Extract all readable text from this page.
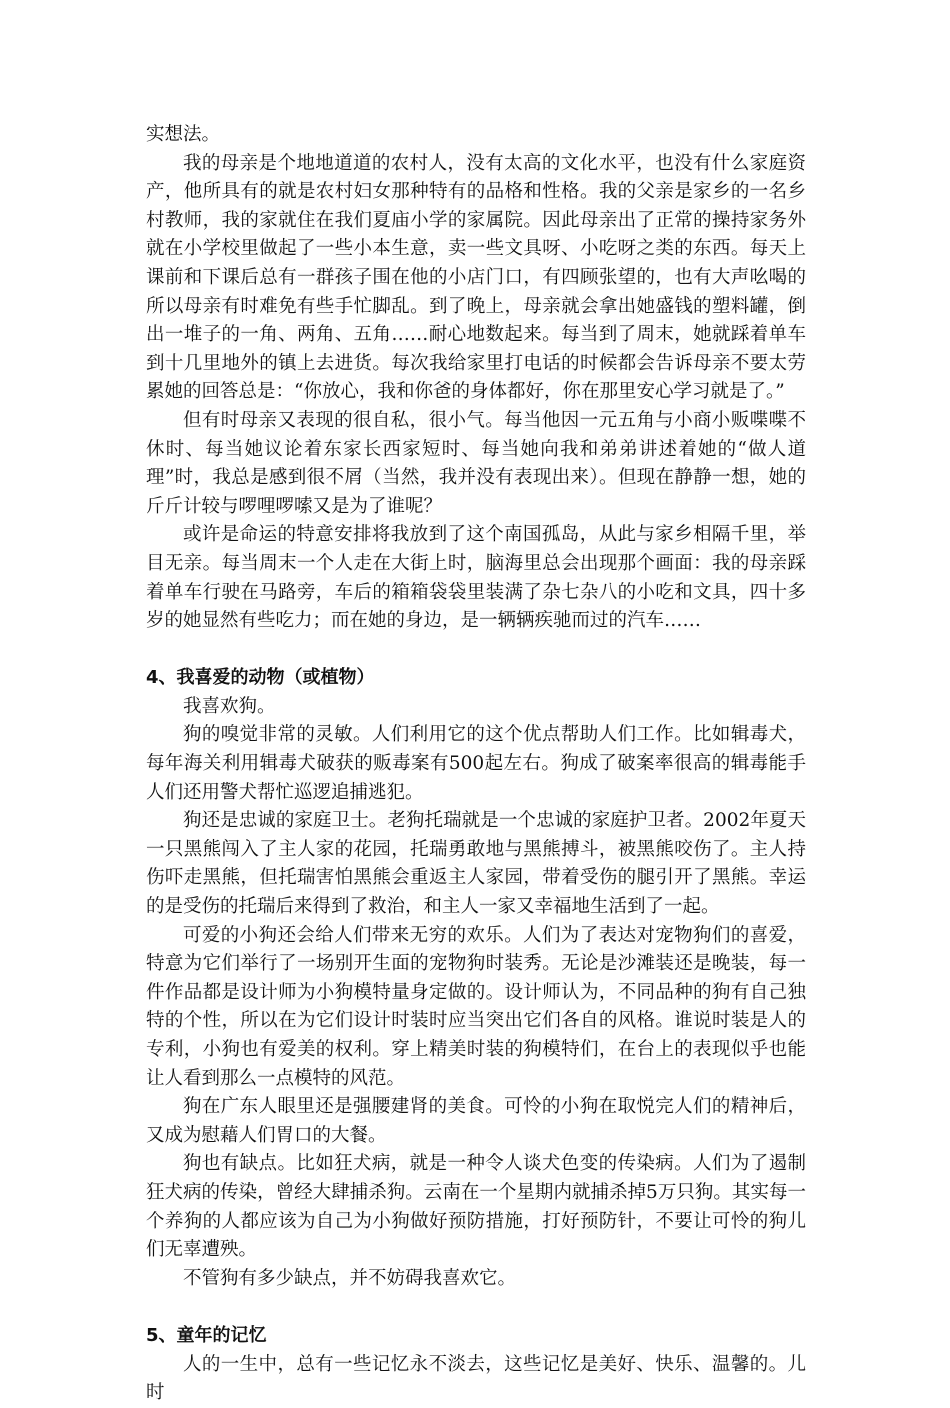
实想法。

我的母亲是个地地道道的农村人，没有太高的文化水平，也没有什么家庭资产，他所具有的就是农村妇女那种特有的品格和性格。我的父亲是家乡的一名乡村教师，我的家就住在我们夏庙小学的家属院。因此母亲出了正常的操持家务外就在小学校里做起了一些小本生意，卖一些文具呀、小吃呀之类的东西。每天上课前和下课后总有一群孩子围在他的小店门口，有四顾张望的，也有大声吆喝的所以母亲有时难免有些手忙脚乱。到了晚上，母亲就会拿出她盛钱的塑料罐，倒出一堆子的一角、两角、五角……耐心地数起来。每当到了周末，她就踩着单车到十几里地外的镇上去进货。每次我给家里打电话的时候都会告诉母亲不要太劳累她的回答总是：“你放心，我和你爸的身体都好，你在那里安心学习就是了。”

但有时母亲又表现的很自私，很小气。每当他因一元五角与小商小贩喋喋不休时、每当她议论着东家长西家短时、每当她向我和弟弟讲述着她的“做人道理”时，我总是感到很不屑（当然，我并没有表现出来）。但现在静静一想，她的斤斤计较与啰哩啰嗦又是为了谁呢？

或许是命运的特意安排将我放到了这个南国孤岛，从此与家乡相隔千里，举目无亲。每当周末一个人走在大街上时，脑海里总会出现那个画面：我的母亲踩着单车行驶在马路旁，车后的箱箱袋袋里装满了杂七杂八的小吃和文具，四十多岁的她显然有些吃力；而在她的身边，是一辆辆疾驰而过的汽车……

4、我喜爱的动物（或植物）

我喜欢狗。

狗的嗅觉非常的灵敏。人们利用它的这个优点帮助人们工作。比如辑毒犬，每年海关利用辑毒犬破获的贩毒案有500起左右。狗成了破案率很高的辑毒能手人们还用警犬帮忙巡逻追捕逃犯。

狗还是忠诚的家庭卫士。老狗托瑞就是一个忠诚的家庭护卫者。2002年夏天一只黑熊闯入了主人家的花园，托瑞勇敢地与黑熊搏斗，被黑熊咬伤了。主人持伤吓走黑熊，但托瑞害怕黑熊会重返主人家园，带着受伤的腿引开了黑熊。幸运的是受伤的托瑞后来得到了救治，和主人一家又幸福地生活到了一起。

可爱的小狗还会给人们带来无穷的欢乐。人们为了表达对宠物狗们的喜爱，特意为它们举行了一场别开生面的宠物狗时装秀。无论是沙滩装还是晚装，每一件作品都是设计师为小狗模特量身定做的。设计师认为，不同品种的狗有自己独特的个性，所以在为它们设计时装时应当突出它们各自的风格。谁说时装是人的专利，小狗也有爱美的权利。穿上精美时装的狗模特们，在台上的表现似乎也能让人看到那么一点模特的风范。

狗在广东人眼里还是强腰建肾的美食。可怜的小狗在取悦完人们的精神后，又成为慰藉人们胃口的大餐。

狗也有缺点。比如狂犬病，就是一种令人谈犬色变的传染病。人们为了遏制狂犬病的传染，曾经大肆捕杀狗。云南在一个星期内就捕杀掉5万只狗。其实每一个养狗的人都应该为自己为小狗做好预防措施，打好预防针，不要让可怜的狗儿们无辜遭殃。

不管狗有多少缺点，并不妨碍我喜欢它。

5、童年的记忆

人的一生中，总有一些记忆永不淡去，这些记忆是美好、快乐、温馨的。儿时
